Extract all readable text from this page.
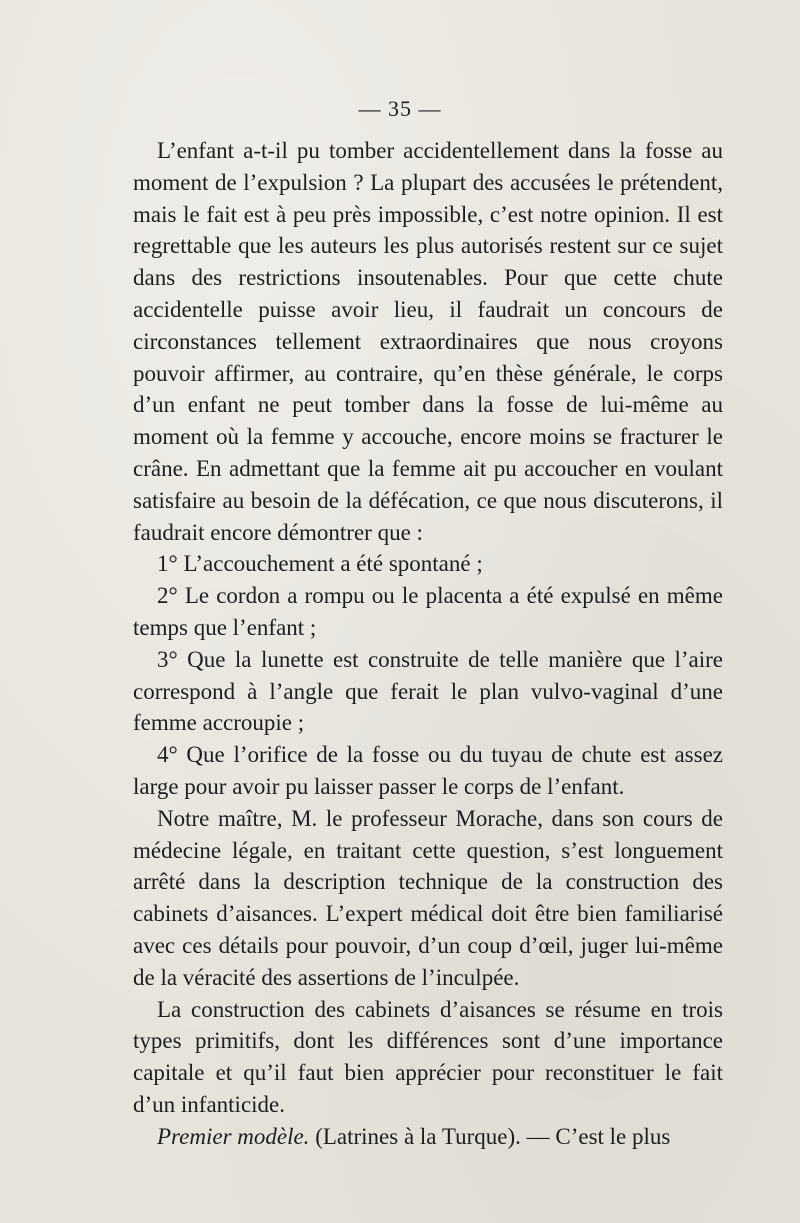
— 35 —

L’enfant a-t-il pu tomber accidentellement dans la fosse au moment de l’expulsion ? La plupart des accusées le prétendent, mais le fait est à peu près impossible, c’est notre opinion. Il est regrettable que les auteurs les plus autorisés restent sur ce sujet dans des restrictions insoutenables. Pour que cette chute accidentelle puisse avoir lieu, il faudrait un concours de circonstances tellement extraordinaires que nous croyons pouvoir affirmer, au contraire, qu’en thèse générale, le corps d’un enfant ne peut tomber dans la fosse de lui-même au moment où la femme y accouche, encore moins se fracturer le crâne. En admettant que la femme ait pu accoucher en voulant satisfaire au besoin de la défécation, ce que nous discuterons, il faudrait encore démontrer que :

1° L’accouchement a été spontané ;

2° Le cordon a rompu ou le placenta a été expulsé en même temps que l’enfant ;

3° Que la lunette est construite de telle manière que l’aire correspond à l’angle que ferait le plan vulvo-vaginal d’une femme accroupie ;

4° Que l’orifice de la fosse ou du tuyau de chute est assez large pour avoir pu laisser passer le corps de l’enfant.

Notre maître, M. le professeur Morache, dans son cours de médecine légale, en traitant cette question, s’est longuement arrêté dans la description technique de la construction des cabinets d’aisances. L’expert médical doit être bien familiarisé avec ces détails pour pouvoir, d’un coup d’œil, juger lui-même de la véracité des assertions de l’inculpée.

La construction des cabinets d’aisances se résume en trois types primitifs, dont les différences sont d’une importance capitale et qu’il faut bien apprécier pour reconstituer le fait d’un infanticide.

Premier modèle. (Latrines à la Turque). — C’est le plus
